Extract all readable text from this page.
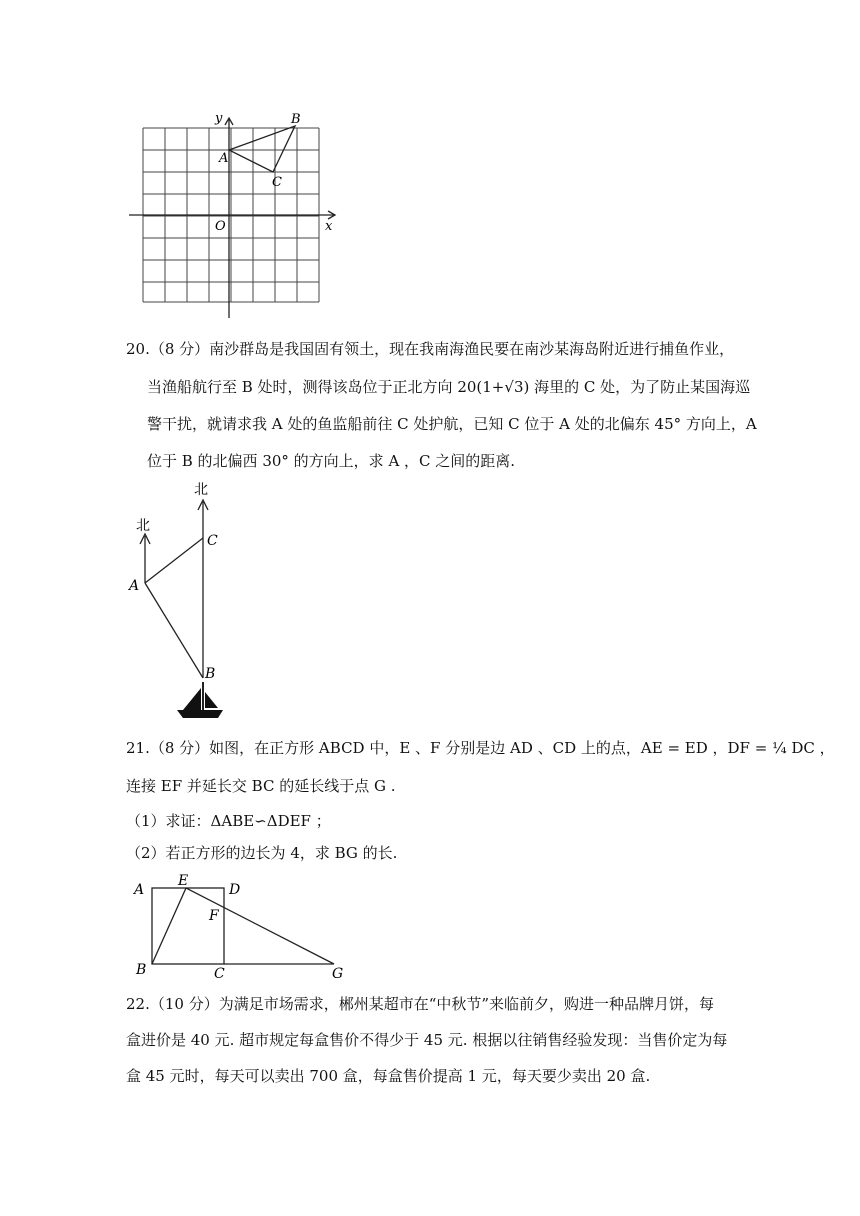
y
x
O
A
B
C
20.（8 分）南沙群岛是我国固有领土，现在我南海渔民要在南沙某海岛附近进行捕鱼作业，
当渔船航行至 B 处时，测得该岛位于正北方向 20(1+√3) 海里的 C 处，为了防止某国海巡
警干扰，就请求我 A 处的鱼监船前往 C 处护航，已知 C 位于 A 处的北偏东 45° 方向上，A
位于 B 的北偏西 30° 的方向上，求 A ，C 之间的距离.
北
北
A
C
B
21.（8 分）如图，在正方形 ABCD 中，E 、F 分别是边 AD 、CD 上的点，AE = ED ，DF = ¼ DC ，
连接 EF 并延长交 BC 的延长线于点 G .
（1）求证：ΔABE∽ΔDEF ；
（2）若正方形的边长为 4，求 BG 的长.
A
E
D
F
B	C	G
22.（10 分）为满足市场需求，郴州某超市在“中秋节”来临前夕，购进一种品牌月饼，每
盒进价是 40 元. 超市规定每盒售价不得少于 45 元. 根据以往销售经验发现：当售价定为每
盒 45 元时，每天可以卖出 700 盒，每盒售价提高 1 元，每天要少卖出 20 盒.
